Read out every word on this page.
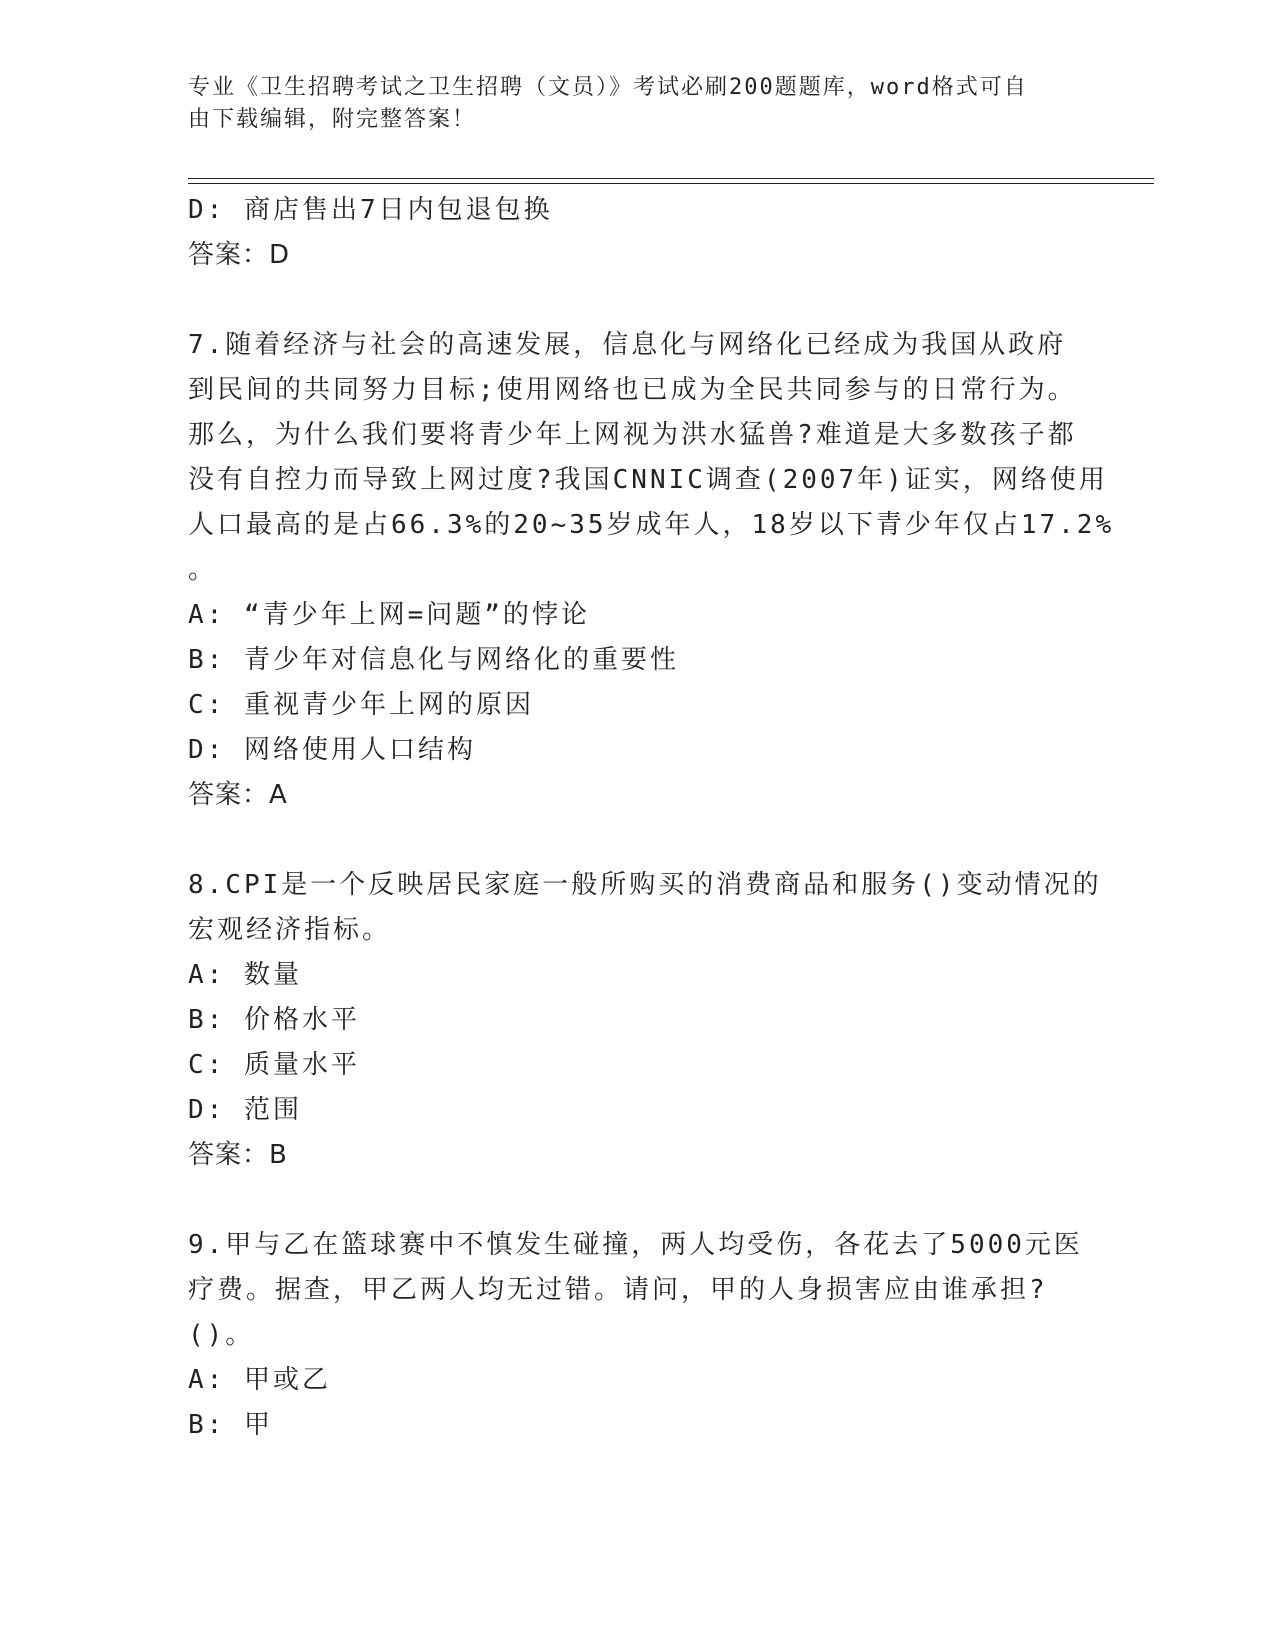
专业《卫生招聘考试之卫生招聘（文员）》考试必刷200题题库，word格式可自
由下载编辑，附完整答案！
D: 商店售出7日内包退包换
答案：D
7.随着经济与社会的高速发展，信息化与网络化已经成为我国从政府
到民间的共同努力目标;使用网络也已成为全民共同参与的日常行为。
那么，为什么我们要将青少年上网视为洪水猛兽?难道是大多数孩子都
没有自控力而导致上网过度?我国CNNIC调查(2007年)证实，网络使用
人口最高的是占66.3%的20~35岁成年人，18岁以下青少年仅占17.2%
。
A: “青少年上网=问题”的悖论
B: 青少年对信息化与网络化的重要性
C: 重视青少年上网的原因
D: 网络使用人口结构
答案：A
8.CPI是一个反映居民家庭一般所购买的消费商品和服务()变动情况的
宏观经济指标。
A: 数量
B: 价格水平
C: 质量水平
D: 范围
答案：B
9.甲与乙在篮球赛中不慎发生碰撞，两人均受伤，各花去了5000元医
疗费。据查，甲乙两人均无过错。请问，甲的人身损害应由谁承担?
()。
A: 甲或乙
B: 甲
